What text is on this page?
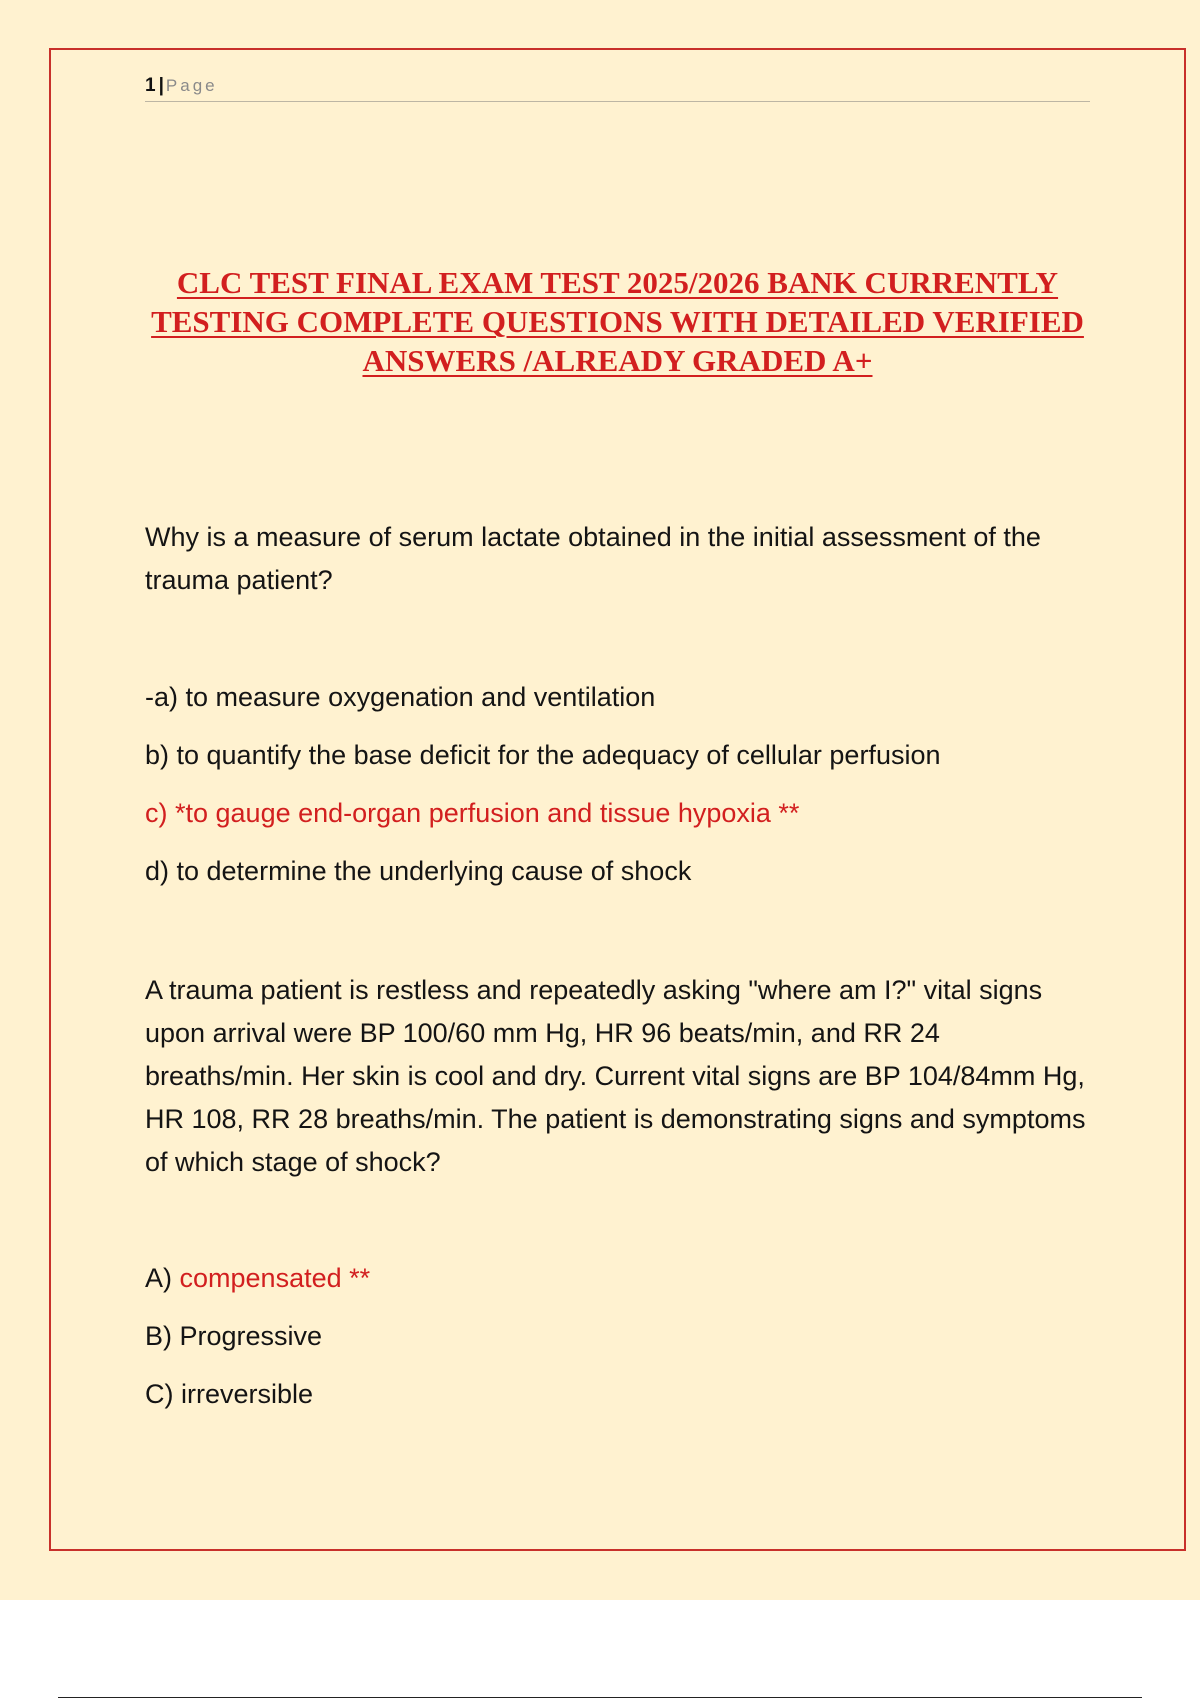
1 | Page
CLC TEST FINAL EXAM TEST 2025/2026 BANK CURRENTLY TESTING COMPLETE QUESTIONS WITH DETAILED VERIFIED ANSWERS /ALREADY GRADED A+

Why is a measure of serum lactate obtained in the initial assessment of the trauma patient?

-a) to measure oxygenation and ventilation

b) to quantify the base deficit for the adequacy of cellular perfusion

c) *to gauge end-organ perfusion and tissue hypoxia **

d) to determine the underlying cause of shock

A trauma patient is restless and repeatedly asking "where am I?" vital signs upon arrival were BP 100/60 mm Hg, HR 96 beats/min, and RR 24 breaths/min. Her skin is cool and dry. Current vital signs are BP 104/84mm Hg, HR 108, RR 28 breaths/min. The patient is demonstrating signs and symptoms of which stage of shock?

A) compensated **

B) Progressive

C) irreversible
